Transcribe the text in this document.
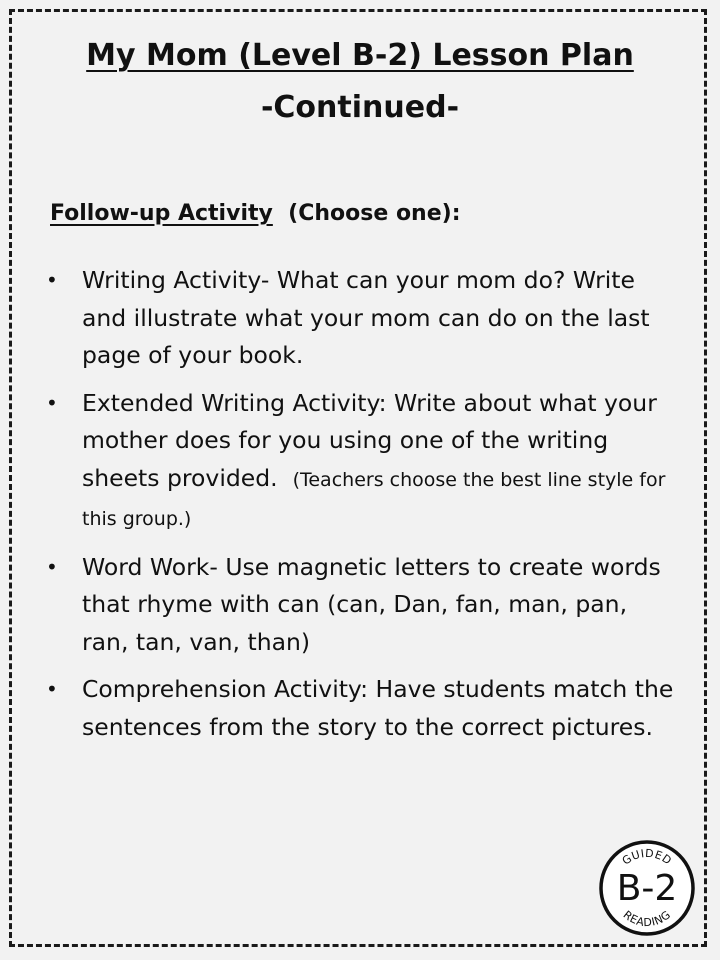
My Mom (Level B-2) Lesson Plan
-Continued-

Follow-up Activity (Choose one):

• Writing Activity- What can your mom do? Write and illustrate what your mom can do on the last page of your book.
• Extended Writing Activity: Write about what your mother does for you using one of the writing sheets provided. (Teachers choose the best line style for this group.)
• Word Work- Use magnetic letters to create words that rhyme with can (can, Dan, fan, man, pan, ran, tan, van, than)
• Comprehension Activity: Have students match the sentences from the story to the correct pictures.
GUIDED
B-2
READING
